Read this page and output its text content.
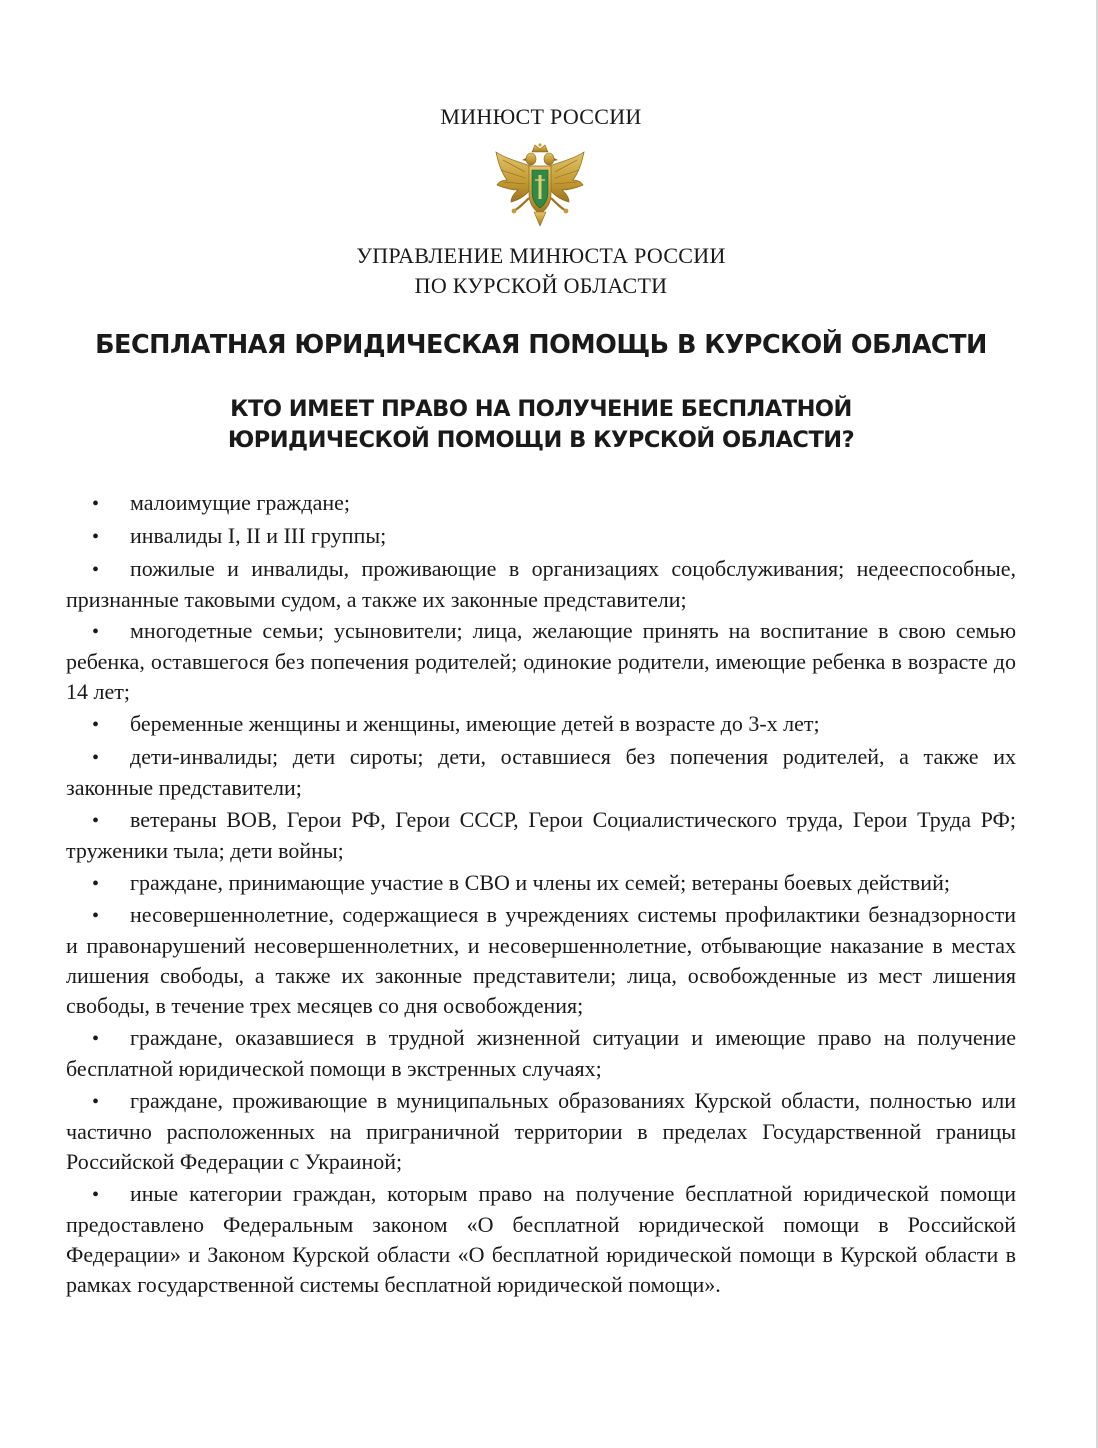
МИНЮСТ РОССИИ
УПРАВЛЕНИЕ МИНЮСТА РОССИИ
ПО КУРСКОЙ ОБЛАСТИ
БЕСПЛАТНАЯ ЮРИДИЧЕСКАЯ ПОМОЩЬ В КУРСКОЙ ОБЛАСТИ
КТО ИМЕЕТ ПРАВО НА ПОЛУЧЕНИЕ БЕСПЛАТНОЙ
ЮРИДИЧЕСКОЙ ПОМОЩИ В КУРСКОЙ ОБЛАСТИ?
• малоимущие граждане;
• инвалиды I, II и III группы;
• пожилые и инвалиды, проживающие в организациях соцобслуживания; недееспособные, признанные таковыми судом, а также их законные представители;
• многодетные семьи; усыновители; лица, желающие принять на воспитание в свою семью ребенка, оставшегося без попечения родителей; одинокие родители, имеющие ребенка в возрасте до 14 лет;
• беременные женщины и женщины, имеющие детей в возрасте до 3-х лет;
• дети-инвалиды; дети сироты; дети, оставшиеся без попечения родителей, а также их законные представители;
• ветераны ВОВ, Герои РФ, Герои СССР, Герои Социалистического труда, Герои Труда РФ; труженики тыла; дети войны;
• граждане, принимающие участие в СВО и члены их семей; ветераны боевых действий;
• несовершеннолетние, содержащиеся в учреждениях системы профилактики безнадзорности и правонарушений несовершеннолетних, и несовершеннолетние, отбывающие наказание в местах лишения свободы, а также их законные представители; лица, освобожденные из мест лишения свободы, в течение трех месяцев со дня освобождения;
• граждане, оказавшиеся в трудной жизненной ситуации и имеющие право на получение бесплатной юридической помощи в экстренных случаях;
• граждане, проживающие в муниципальных образованиях Курской области, полностью или частично расположенных на приграничной территории в пределах Государственной границы Российской Федерации с Украиной;
• иные категории граждан, которым право на получение бесплатной юридической помощи предоставлено Федеральным законом «О бесплатной юридической помощи в Российской Федерации» и Законом Курской области «О бесплатной юридической помощи в Курской области в рамках государственной системы бесплатной юридической помощи».
